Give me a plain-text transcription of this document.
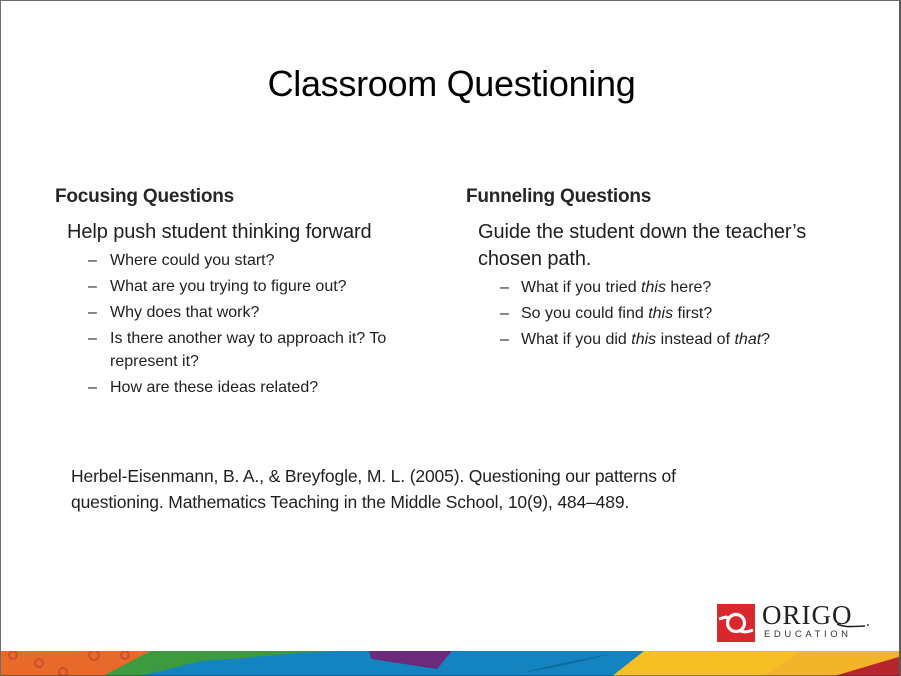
Classroom Questioning

Focusing Questions

Help push student thinking forward

– Where could you start?
– What are you trying to figure out?
– Why does that work?
– Is there another way to approach it? To represent it?
– How are these ideas related?

Funneling Questions

Guide the student down the teacher’s chosen path.

– What if you tried this here?
– So you could find this first?
– What if you did this instead of that?
Herbel-Eisenmann, B. A., & Breyfogle, M. L. (2005). Questioning our patterns of questioning. Mathematics Teaching in the Middle School, 10(9), 484–489.
ORIGO
EDUCATION
